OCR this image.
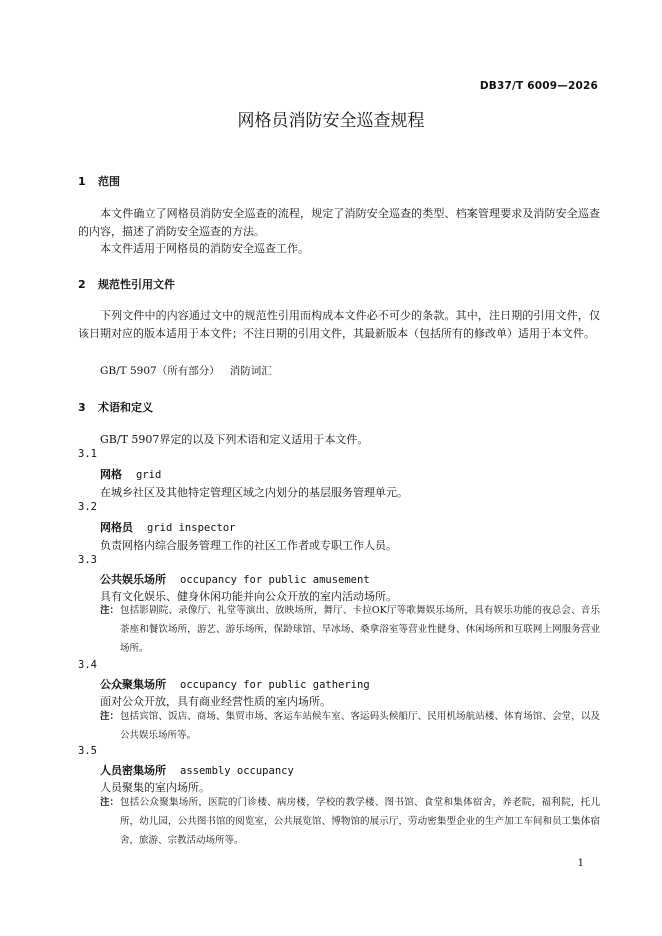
DB37/T 6009—2026
网格员消防安全巡查规程
1 范围
本文件确立了网格员消防安全巡查的流程，规定了消防安全巡查的类型、档案管理要求及消防安全巡查的内容，描述了消防安全巡查的方法。
本文件适用于网格员的消防安全巡查工作。
2 规范性引用文件
下列文件中的内容通过文中的规范性引用而构成本文件必不可少的条款。其中，注日期的引用文件，仅该日期对应的版本适用于本文件；不注日期的引用文件，其最新版本（包括所有的修改单）适用于本文件。
GB/T 5907（所有部分）   消防词汇
3 术语和定义
GB/T 5907界定的以及下列术语和定义适用于本文件。
3.1
网格 grid
在城乡社区及其他特定管理区域之内划分的基层服务管理单元。
3.2
网格员 grid inspector
负责网格内综合服务管理工作的社区工作者或专职工作人员。
3.3
公共娱乐场所 occupancy for public amusement
具有文化娱乐、健身休闲功能并向公众开放的室内活动场所。
注： 包括影剧院、录像厅、礼堂等演出、放映场所，舞厅、卡拉OK厅等歌舞娱乐场所，具有娱乐功能的夜总会、音乐茶座和餐饮场所，游艺、游乐场所，保龄球馆、旱冰场、桑拿浴室等营业性健身、休闲场所和互联网上网服务营业场所。
3.4
公众聚集场所 occupancy for public gathering
面对公众开放，具有商业经营性质的室内场所。
注： 包括宾馆、饭店、商场、集贸市场、客运车站候车室、客运码头候船厅、民用机场航站楼、体育场馆、会堂，以及公共娱乐场所等。
3.5
人员密集场所 assembly occupancy
人员聚集的室内场所。
注： 包括公众聚集场所，医院的门诊楼、病房楼，学校的教学楼、图书馆、食堂和集体宿舍，养老院，福利院，托儿所，幼儿园，公共图书馆的阅览室，公共展览馆、博物馆的展示厅，劳动密集型企业的生产加工车间和员工集体宿舍，旅游、宗教活动场所等。
1
